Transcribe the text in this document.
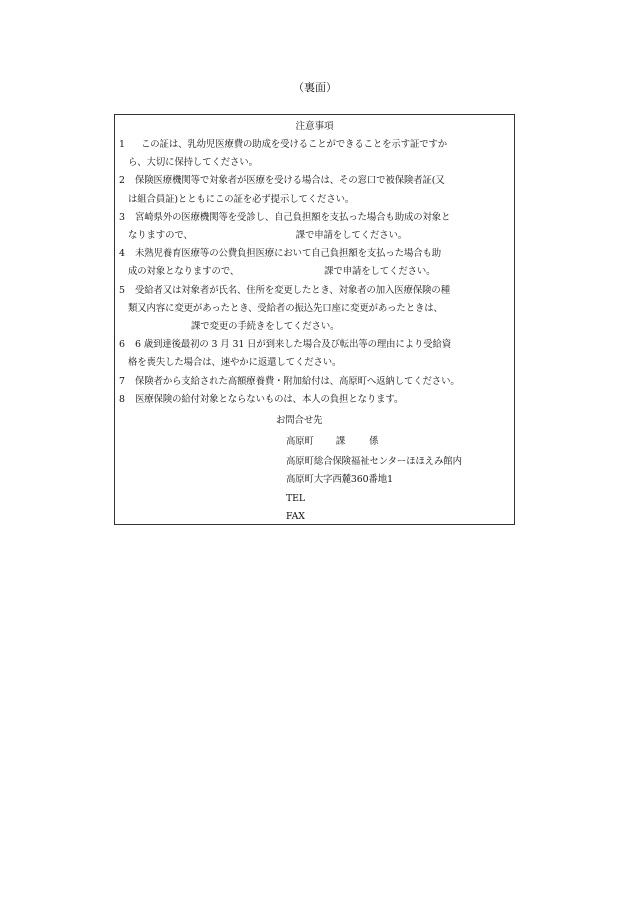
（裏面）
注意事項
1	この証は、乳幼児医療費の助成を受けることができることを示す証ですか
ら、大切に保持してください。
2	保険医療機関等で対象者が医療を受ける場合は、その窓口で被保険者証(又
は組合員証)とともにこの証を必ず提示してください。
3	宮崎県外の医療機関等を受診し、自己負担額を支払った場合も助成の対象と
なりますので、	課で申請をしてください。
4	未熟児養育医療等の公費負担医療において自己負担額を支払った場合も助
成の対象となりますので、	課で申請をしてください。
5	受給者又は対象者が氏名、住所を変更したとき、対象者の加入医療保険の種
類又内容に変更があったとき、受給者の振込先口座に変更があったときは、
課で変更の手続きをしてください。
6	6 歳到達後最初の 3 月 31 日が到来した場合及び転出等の理由により受給資
格を喪失した場合は、速やかに返還してください。
7	保険者から支給された高額療養費・附加給付は、高原町へ返納してください。
8	医療保険の給付対象とならないものは、本人の負担となります。
お問合せ先
高原町 課	係
高原町総合保険福祉センターほほえみ館内
高原町大字西麓360番地1
TEL
FAX
